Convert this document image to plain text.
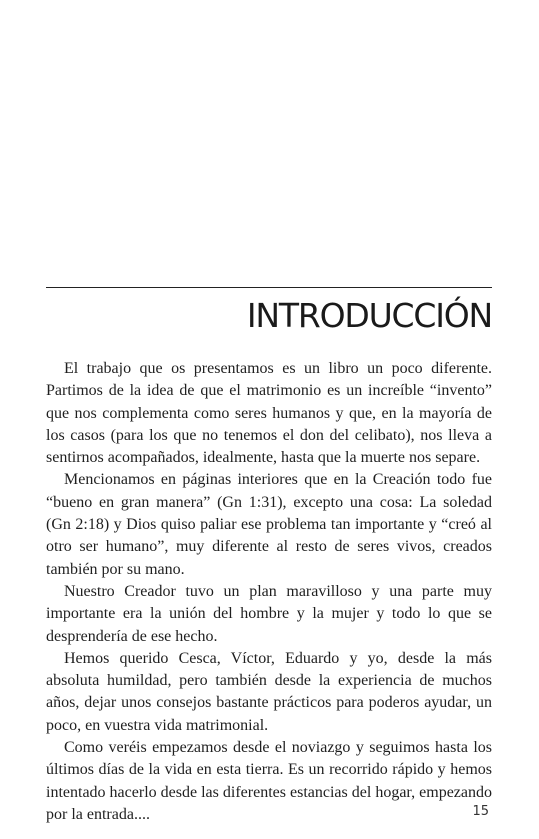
INTRODUCCIÓN

El trabajo que os presentamos es un libro un poco diferente. Partimos de la idea de que el matrimonio es un increíble “invento” que nos complementa como seres humanos y que, en la mayoría de los casos (para los que no tenemos el don del celibato), nos lleva a sentirnos acompañados, idealmente, hasta que la muerte nos separe.

Mencionamos en páginas interiores que en la Creación todo fue “bueno en gran manera” (Gn 1:31), excepto una cosa: La soledad (Gn 2:18) y Dios quiso paliar ese problema tan importante y “creó al otro ser humano”, muy diferente al resto de seres vivos, creados también por su mano.

Nuestro Creador tuvo un plan maravilloso y una parte muy importante era la unión del hombre y la mujer y todo lo que se desprendería de ese hecho.

Hemos querido Cesca, Víctor, Eduardo y yo, desde la más absoluta humildad, pero también desde la experiencia de muchos años, dejar unos consejos bastante prácticos para poderos ayudar, un poco, en vuestra vida matrimonial.

Como veréis empezamos desde el noviazgo y seguimos hasta los últimos días de la vida en esta tierra. Es un recorrido rápido y hemos intentado hacerlo desde las diferentes estancias del hogar, empezando por la entrada....	15
